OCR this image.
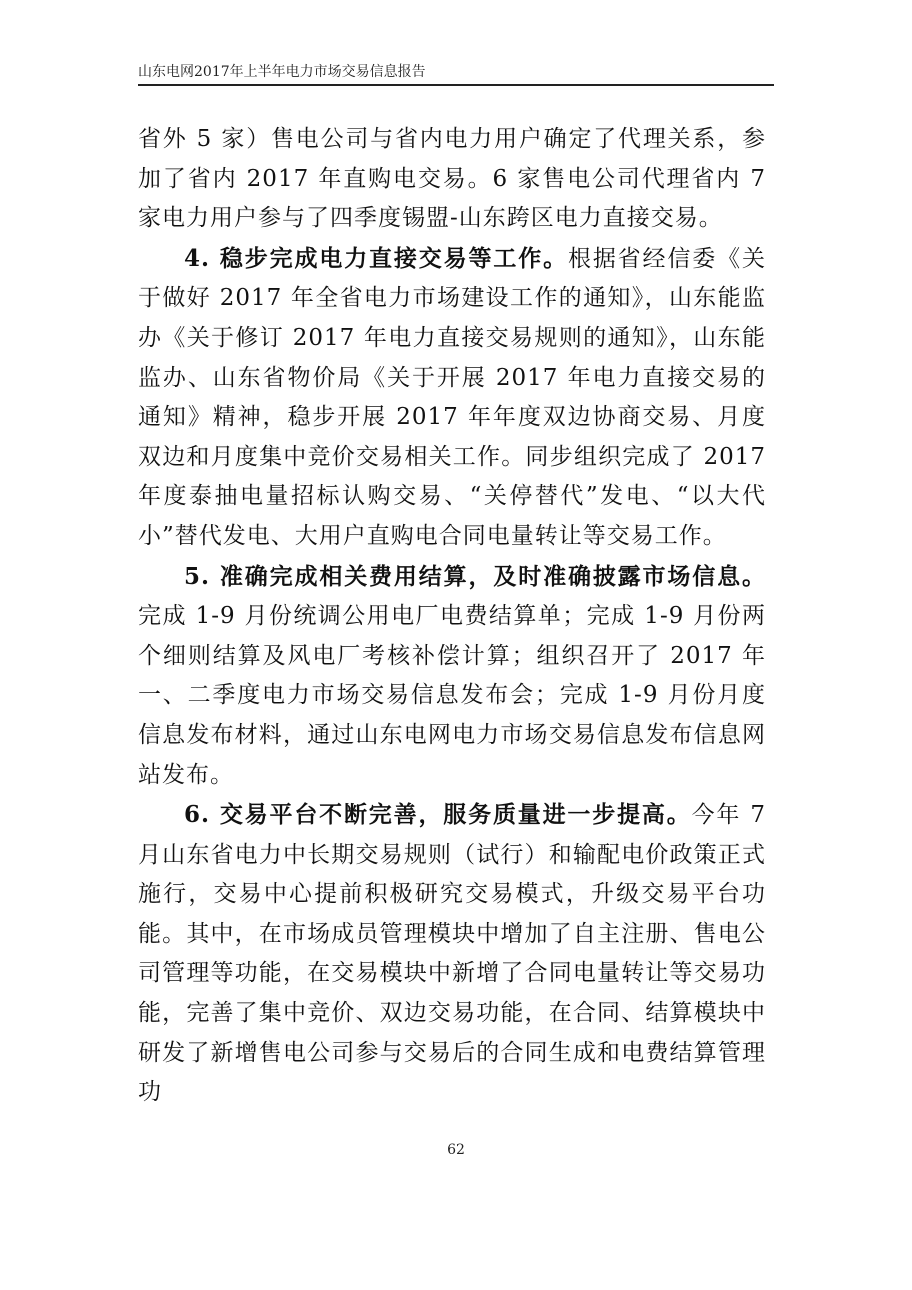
山东电网2017年上半年电力市场交易信息报告

省外 5 家）售电公司与省内电力用户确定了代理关系，参加了省内 2017 年直购电交易。6 家售电公司代理省内 7 家电力用户参与了四季度锡盟-山东跨区电力直接交易。

4. 稳步完成电力直接交易等工作。根据省经信委《关于做好 2017 年全省电力市场建设工作的通知》，山东能监办《关于修订 2017 年电力直接交易规则的通知》，山东能监办、山东省物价局《关于开展 2017 年电力直接交易的通知》精神，稳步开展 2017 年年度双边协商交易、月度双边和月度集中竞价交易相关工作。同步组织完成了 2017 年度泰抽电量招标认购交易、“关停替代”发电、“以大代小”替代发电、大用户直购电合同电量转让等交易工作。

5. 准确完成相关费用结算，及时准确披露市场信息。完成 1-9 月份统调公用电厂电费结算单；完成 1-9 月份两个细则结算及风电厂考核补偿计算；组织召开了 2017 年一、二季度电力市场交易信息发布会；完成 1-9 月份月度信息发布材料，通过山东电网电力市场交易信息发布信息网站发布。

6. 交易平台不断完善，服务质量进一步提高。今年 7 月山东省电力中长期交易规则（试行）和输配电价政策正式施行，交易中心提前积极研究交易模式，升级交易平台功能。其中，在市场成员管理模块中增加了自主注册、售电公司管理等功能，在交易模块中新增了合同电量转让等交易功能，完善了集中竞价、双边交易功能，在合同、结算模块中研发了新增售电公司参与交易后的合同生成和电费结算管理功

62
